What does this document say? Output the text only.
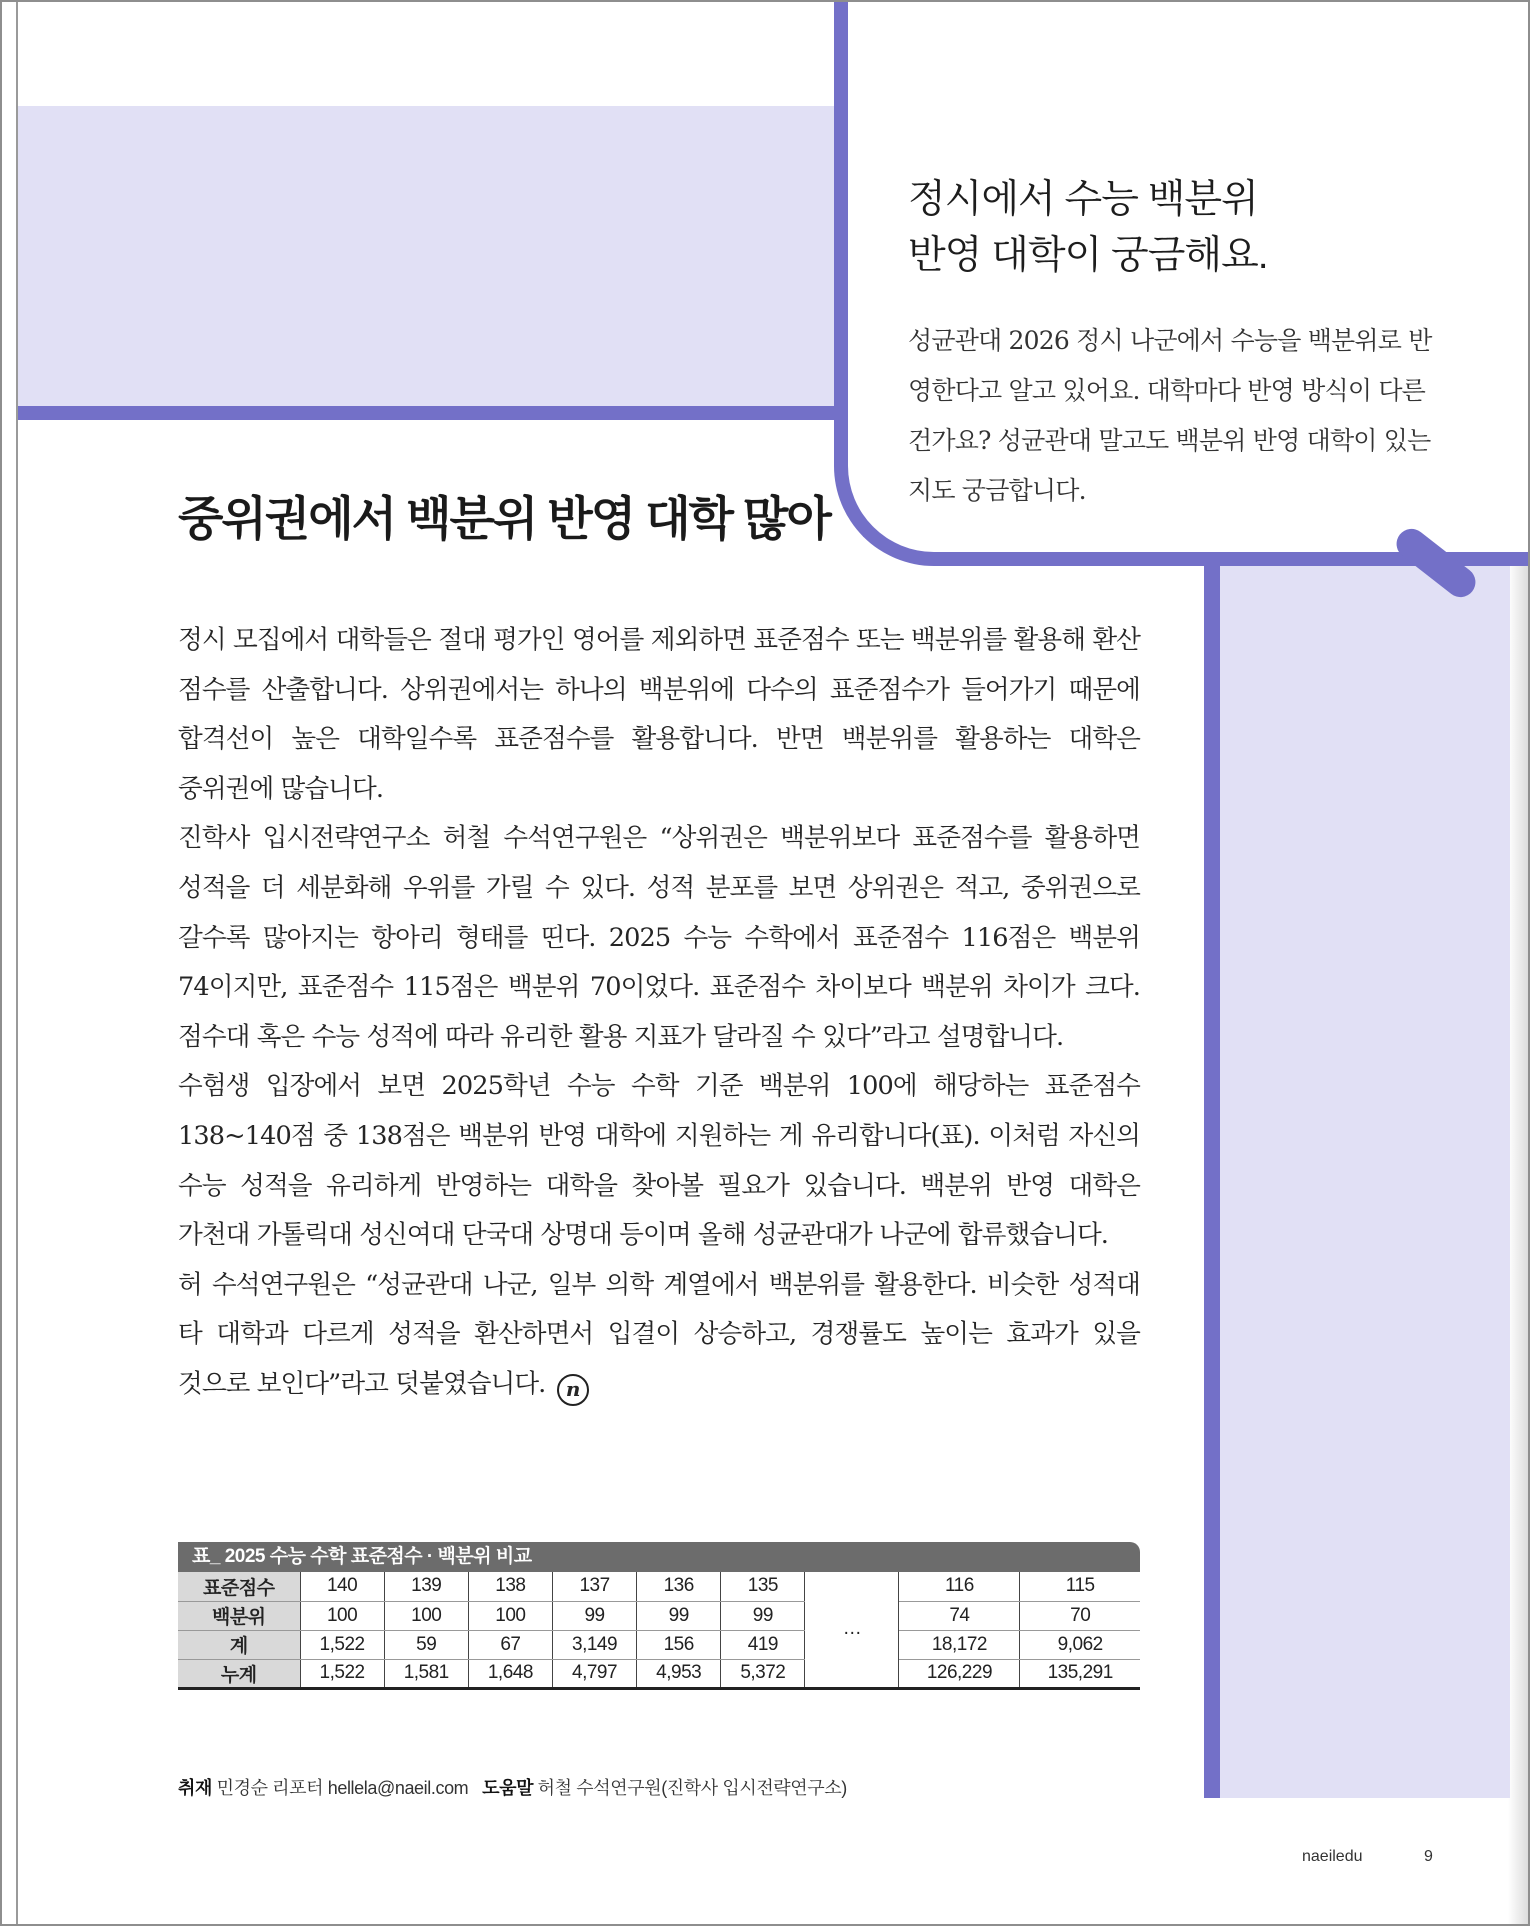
정시에서 수능 백분위
반영 대학이 궁금해요.
성균관대 2026 정시 나군에서 수능을 백분위로 반영한다고 알고 있어요. 대학마다 반영 방식이 다른 건가요? 성균관대 말고도 백분위 반영 대학이 있는지도 궁금합니다.
중위권에서 백분위 반영 대학 많아

정시 모집에서 대학들은 절대 평가인 영어를 제외하면 표준점수 또는 백분위를 활용해 환산 점수를 산출합니다. 상위권에서는 하나의 백분위에 다수의 표준점수가 들어가기 때문에 합격선이 높은 대학일수록 표준점수를 활용합니다. 반면 백분위를 활용하는 대학은 중위권에 많습니다.

진학사 입시전략연구소 허철 수석연구원은 “상위권은 백분위보다 표준점수를 활용하면 성적을 더 세분화해 우위를 가릴 수 있다. 성적 분포를 보면 상위권은 적고, 중위권으로 갈수록 많아지는 항아리 형태를 띤다. 2025 수능 수학에서 표준점수 116점은 백분위 74이지만, 표준점수 115점은 백분위 70이었다. 표준점수 차이보다 백분위 차이가 크다. 점수대 혹은 수능 성적에 따라 유리한 활용 지표가 달라질 수 있다”라고 설명합니다.

수험생 입장에서 보면 2025학년 수능 수학 기준 백분위 100에 해당하는 표준점수 138~140점 중 138점은 백분위 반영 대학에 지원하는 게 유리합니다(표). 이처럼 자신의 수능 성적을 유리하게 반영하는 대학을 찾아볼 필요가 있습니다. 백분위 반영 대학은 가천대 가톨릭대 성신여대 단국대 상명대 등이며 올해 성균관대가 나군에 합류했습니다.

허 수석연구원은 “성균관대 나군, 일부 의학 계열에서 백분위를 활용한다. 비슷한 성적대 타 대학과 다르게 성적을 환산하면서 입결이 상승하고, 경쟁률도 높이는 효과가 있을 것으로 보인다”라고 덧붙였습니다. n

표_ 2025 수능 수학 표준점수 · 백분위 비교
표준점수	140	139	138	137	136	135	…	116	115
백분위	100	100	100	99	99	99		74	70
계	1,522	59	67	3,149	156	419		18,172	9,062
누계	1,522	1,581	1,648	4,797	4,953	5,372		126,229	135,291
취재 민경순 리포터 hellela@naeil.com 도움말 허철 수석연구원(진학사 입시전략연구소)
naeiledu	9
